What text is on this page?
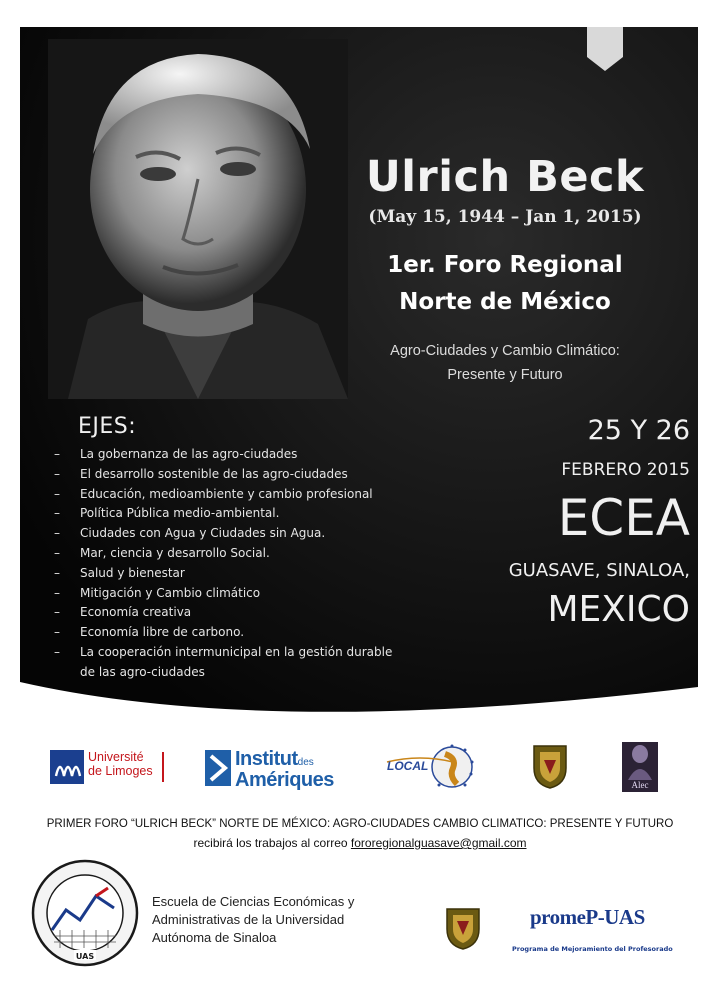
Ulrich Beck
(May 15, 1944 – Jan 1, 2015)
1er. Foro Regional
Norte de México
Agro-Ciudades y Cambio Climático:
Presente y Futuro
EJES:
– La gobernanza de las agro-ciudades
– El desarrollo sostenible de las agro-ciudades
– Educación, medioambiente y cambio profesional
– Política Pública medio-ambiental.
– Ciudades con Agua y Ciudades sin Agua.
– Mar, ciencia y desarrollo Social.
– Salud y bienestar
– Mitigación y Cambio climático
– Economía creativa
– Economía libre de carbono.
– La cooperación intermunicipal en la gestión durable
de las agro-ciudades
25 Y 26
FEBRERO 2015
ECEA
GUASAVE, SINALOA,
MEXICO
Université
de Limoges
Institutdes
Amériques
LOCAL
Alec
PRIMER FORO “ULRICH BECK” NORTE DE MÉXICO: AGRO-CIUDADES CAMBIO CLIMATICO: PRESENTE Y FUTURO
recibirá los trabajos al correo fororegionalguasave@gmail.com
UAS
Escuela de Ciencias Económicas y
Administrativas de la Universidad
Autónoma de Sinaloa
promeP-UAS
Programa de Mejoramiento del Profesorado
